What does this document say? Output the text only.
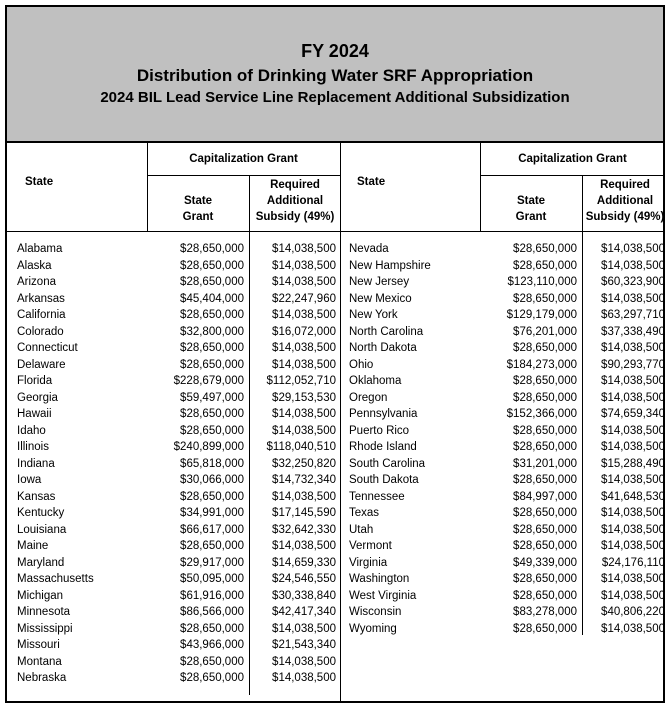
FY 2024
Distribution of Drinking Water SRF Appropriation
2024 BIL Lead Service Line Replacement Additional Subsidization
State
Capitalization Grant
State
Grant
Required
Additional
Subsidy (49%)
State
Capitalization Grant
State
Grant
Required
Additional
Subsidy (49%)
Alabama
Alaska
Arizona
Arkansas
California
Colorado
Connecticut
Delaware
Florida
Georgia
Hawaii
Idaho
Illinois
Indiana
Iowa
Kansas
Kentucky
Louisiana
Maine
Maryland
Massachusetts
Michigan
Minnesota
Mississippi
Missouri
Montana
Nebraska
$28,650,000
$28,650,000
$28,650,000
$45,404,000
$28,650,000
$32,800,000
$28,650,000
$28,650,000
$228,679,000
$59,497,000
$28,650,000
$28,650,000
$240,899,000
$65,818,000
$30,066,000
$28,650,000
$34,991,000
$66,617,000
$28,650,000
$29,917,000
$50,095,000
$61,916,000
$86,566,000
$28,650,000
$43,966,000
$28,650,000
$28,650,000
$14,038,500
$14,038,500
$14,038,500
$22,247,960
$14,038,500
$16,072,000
$14,038,500
$14,038,500
$112,052,710
$29,153,530
$14,038,500
$14,038,500
$118,040,510
$32,250,820
$14,732,340
$14,038,500
$17,145,590
$32,642,330
$14,038,500
$14,659,330
$24,546,550
$30,338,840
$42,417,340
$14,038,500
$21,543,340
$14,038,500
$14,038,500
Nevada
New Hampshire
New Jersey
New Mexico
New York
North Carolina
North Dakota
Ohio
Oklahoma
Oregon
Pennsylvania
Puerto Rico
Rhode Island
South Carolina
South Dakota
Tennessee
Texas
Utah
Vermont
Virginia
Washington
West Virginia
Wisconsin
Wyoming
$28,650,000
$28,650,000
$123,110,000
$28,650,000
$129,179,000
$76,201,000
$28,650,000
$184,273,000
$28,650,000
$28,650,000
$152,366,000
$28,650,000
$28,650,000
$31,201,000
$28,650,000
$84,997,000
$28,650,000
$28,650,000
$28,650,000
$49,339,000
$28,650,000
$28,650,000
$83,278,000
$28,650,000
$14,038,500
$14,038,500
$60,323,900
$14,038,500
$63,297,710
$37,338,490
$14,038,500
$90,293,770
$14,038,500
$14,038,500
$74,659,340
$14,038,500
$14,038,500
$15,288,490
$14,038,500
$41,648,530
$14,038,500
$14,038,500
$14,038,500
$24,176,110
$14,038,500
$14,038,500
$40,806,220
$14,038,500
